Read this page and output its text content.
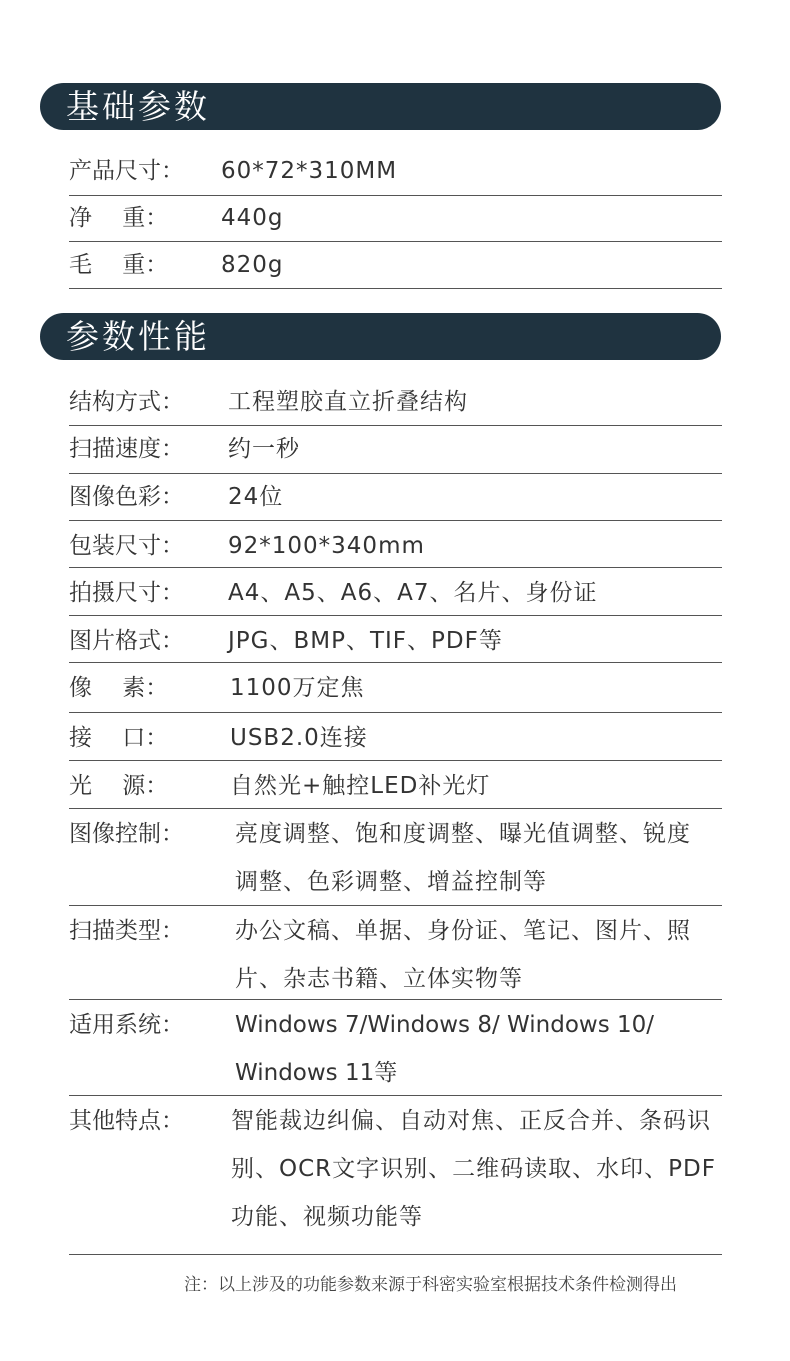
基础参数
产品尺寸： 60*72*310MM
净　 重： 440g
毛　 重： 820g
参数性能
结构方式： 工程塑胶直立折叠结构
扫描速度： 约一秒
图像色彩： 24位
包装尺寸： 92*100*340mm
拍摄尺寸： A4、A5、A6、A7、名片、身份证
图片格式： JPG、BMP、TIF、PDF等
像　 素：	1100万定焦
接　 口：	USB2.0连接
光　 源：	自然光+触控LED补光灯
图像控制： 亮度调整、饱和度调整、曝光值调整、锐度
调整、色彩调整、增益控制等
扫描类型： 办公文稿、单据、身份证、笔记、图片、照
片、杂志书籍、立体实物等
适用系统： Windows 7/Windows 8/ Windows 10/
Windows 11等
其他特点： 智能裁边纠偏、自动对焦、正反合并、条码识
别、OCR文字识别、二维码读取、水印、PDF
功能、视频功能等
注：以上涉及的功能参数来源于科密实验室根据技术条件检测得出
